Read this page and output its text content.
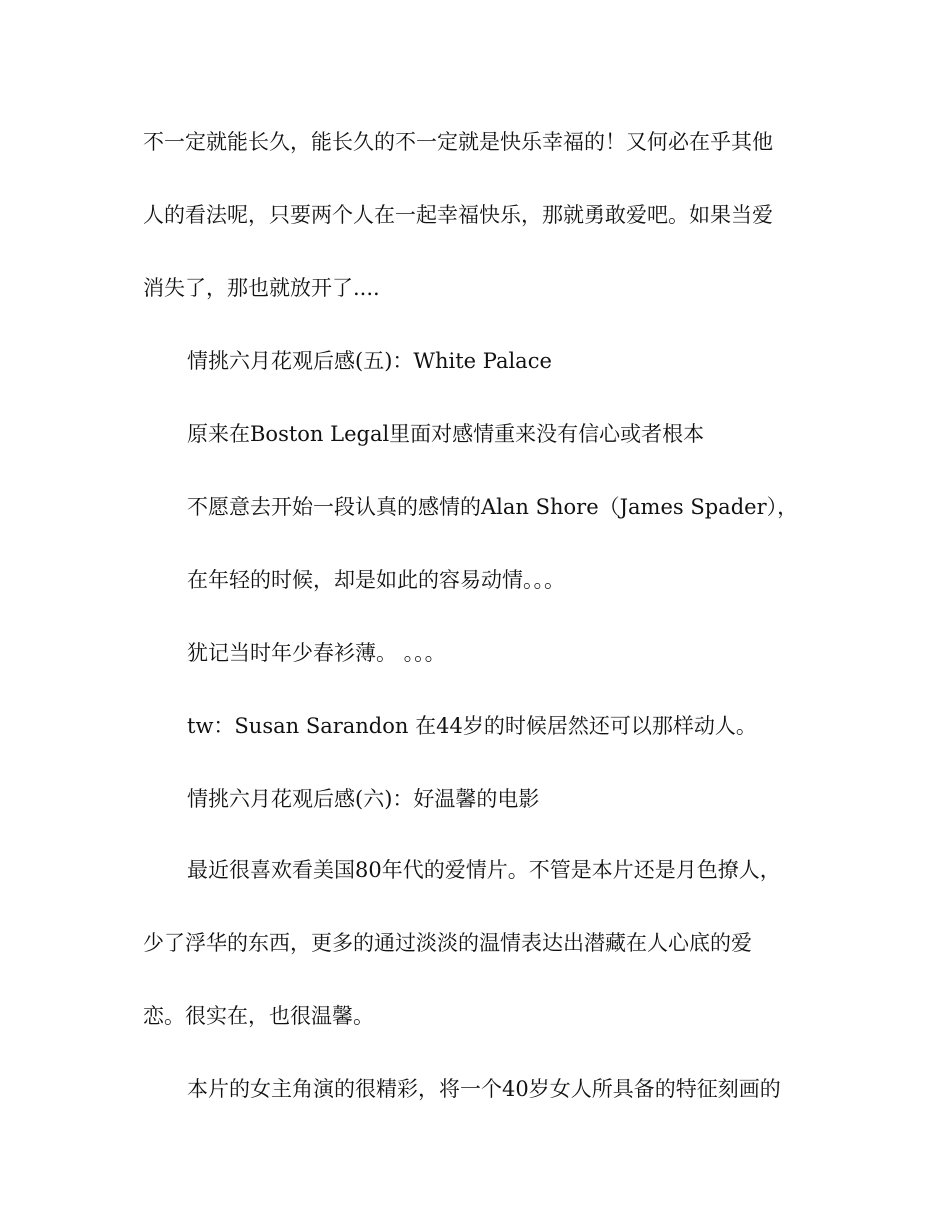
不一定就能长久，能长久的不一定就是快乐幸福的！又何必在乎其他
人的看法呢，只要两个人在一起幸福快乐，那就勇敢爱吧。如果当爱
消失了，那也就放开了....
情挑六月花观后感(五)：White Palace
原来在Boston Legal里面对感情重来没有信心或者根本
不愿意去开始一段认真的感情的Alan Shore（James Spader），
在年轻的时候，却是如此的容易动情。。。
犹记当时年少春衫薄。 。。。
tw：Susan Sarandon 在44岁的时候居然还可以那样动人。
情挑六月花观后感(六)：好温馨的电影
最近很喜欢看美国80年代的爱情片。不管是本片还是月色撩人，
少了浮华的东西，更多的通过淡淡的温情表达出潜藏在人心底的爱
恋。很实在，也很温馨。
本片的女主角演的很精彩，将一个40岁女人所具备的特征刻画的
